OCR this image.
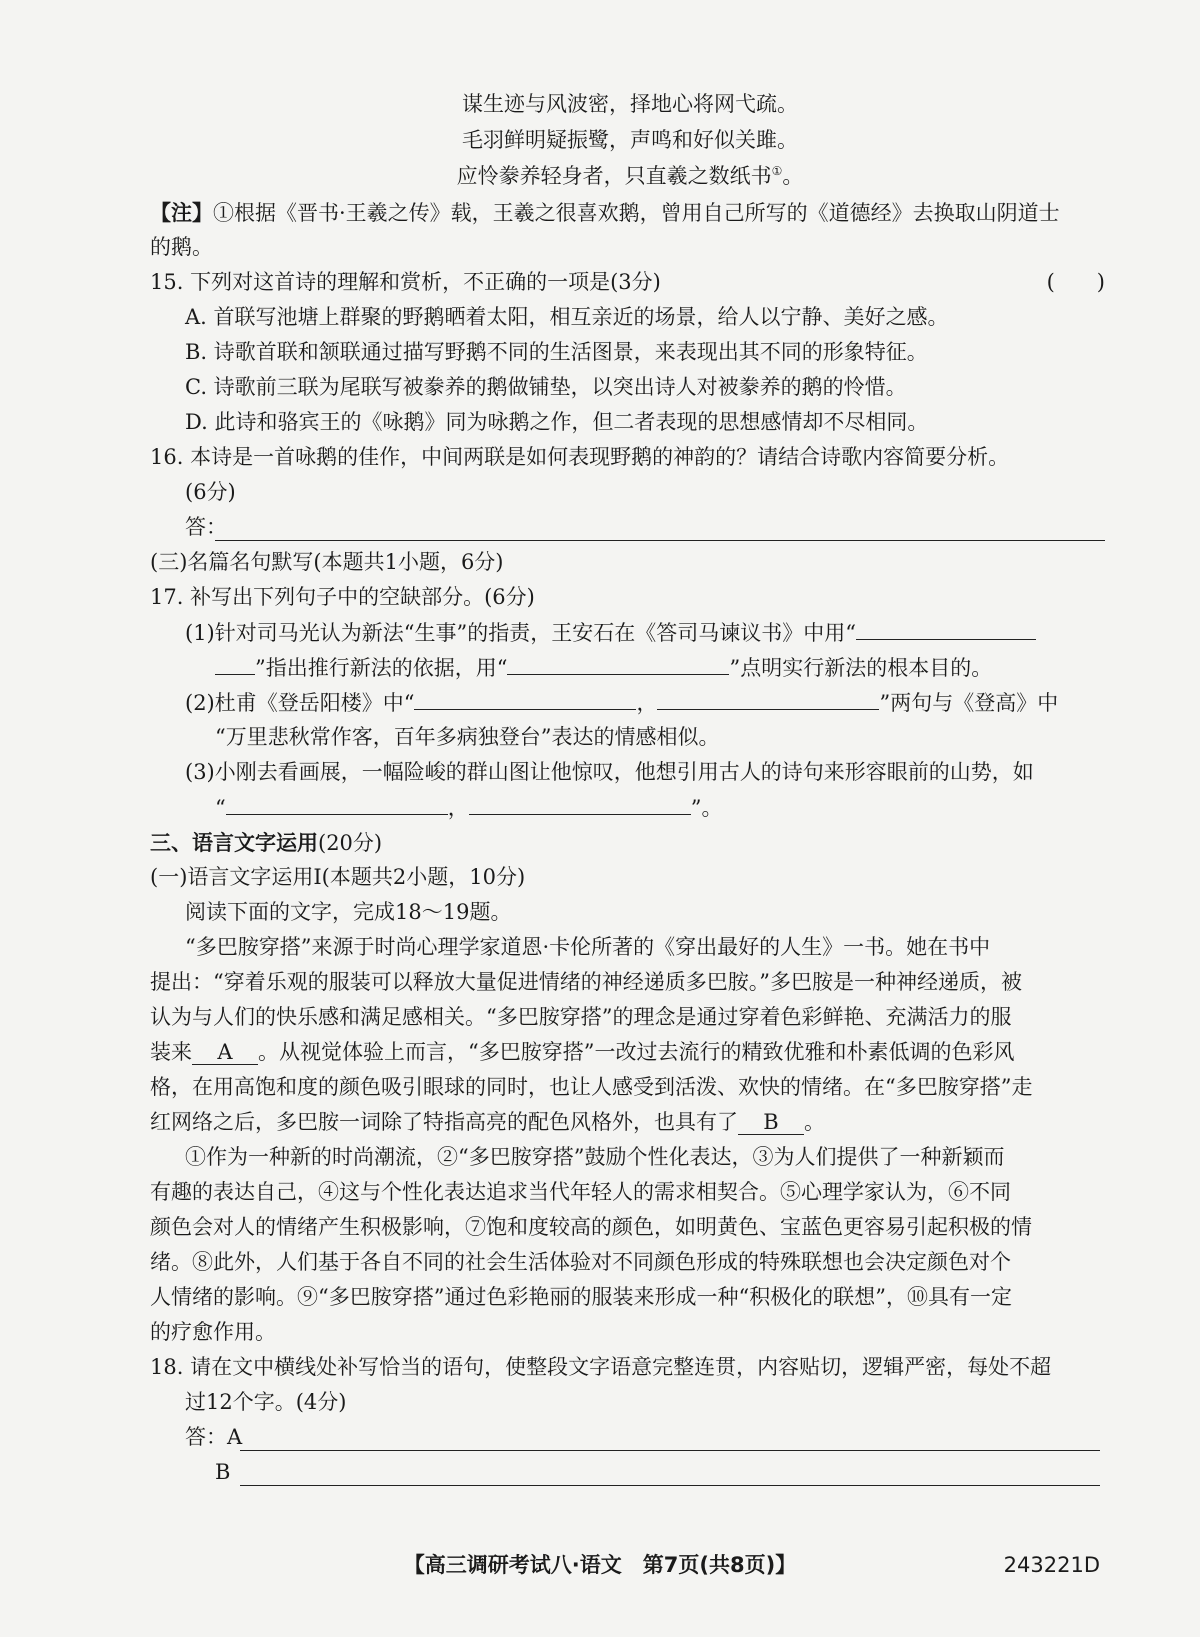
谋生迹与风波密，择地心将网弋疏。
毛羽鲜明疑振鹭，声鸣和好似关雎。
应怜豢养轻身者，只直羲之数纸书①。
【注】①根据《晋书·王羲之传》载，王羲之很喜欢鹅，曾用自己所写的《道德经》去换取山阴道士
的鹅。
15. 下列对这首诗的理解和赏析，不正确的一项是(3分)	(　　)
A. 首联写池塘上群聚的野鹅晒着太阳，相互亲近的场景，给人以宁静、美好之感。
B. 诗歌首联和颔联通过描写野鹅不同的生活图景，来表现出其不同的形象特征。
C. 诗歌前三联为尾联写被豢养的鹅做铺垫，以突出诗人对被豢养的鹅的怜惜。
D. 此诗和骆宾王的《咏鹅》同为咏鹅之作，但二者表现的思想感情却不尽相同。
16. 本诗是一首咏鹅的佳作，中间两联是如何表现野鹅的神韵的？请结合诗歌内容简要分析。
(6分)
答：
(三)名篇名句默写(本题共1小题，6分)
17. 补写出下列句子中的空缺部分。(6分)
(1)针对司马光认为新法“生事”的指责，王安石在《答司马谏议书》中用“
”指出推行新法的依据，用“	”点明实行新法的根本目的。
(2)杜甫《登岳阳楼》中“	，	”两句与《登高》中
“万里悲秋常作客，百年多病独登台”表达的情感相似。
(3)小刚去看画展，一幅险峻的群山图让他惊叹，他想引用古人的诗句来形容眼前的山势，如
“	，	”。
三、语言文字运用(20分)
(一)语言文字运用Ⅰ(本题共2小题，10分)
阅读下面的文字，完成18～19题。
“多巴胺穿搭”来源于时尚心理学家道恩·卡伦所著的《穿出最好的人生》一书。她在书中
提出：“穿着乐观的服装可以释放大量促进情绪的神经递质多巴胺。”多巴胺是一种神经递质，被
认为与人们的快乐感和满足感相关。“多巴胺穿搭”的理念是通过穿着色彩鲜艳、充满活力的服
装来 A 。从视觉体验上而言，“多巴胺穿搭”一改过去流行的精致优雅和朴素低调的色彩风
格，在用高饱和度的颜色吸引眼球的同时，也让人感受到活泼、欢快的情绪。在“多巴胺穿搭”走
红网络之后，多巴胺一词除了特指高亮的配色风格外，也具有了 B 。
①作为一种新的时尚潮流，②“多巴胺穿搭”鼓励个性化表达，③为人们提供了一种新颖而
有趣的表达自己，④这与个性化表达追求当代年轻人的需求相契合。⑤心理学家认为，⑥不同
颜色会对人的情绪产生积极影响，⑦饱和度较高的颜色，如明黄色、宝蓝色更容易引起积极的情
绪。⑧此外，人们基于各自不同的社会生活体验对不同颜色形成的特殊联想也会决定颜色对个
人情绪的影响。⑨“多巴胺穿搭”通过色彩艳丽的服装来形成一种“积极化的联想”，⑩具有一定
的疗愈作用。
18. 请在文中横线处补写恰当的语句，使整段文字语意完整连贯，内容贴切，逻辑严密，每处不超
过12个字。(4分)
答：A
B
【高三调研考试八·语文　第7页(共8页)】	243221D
